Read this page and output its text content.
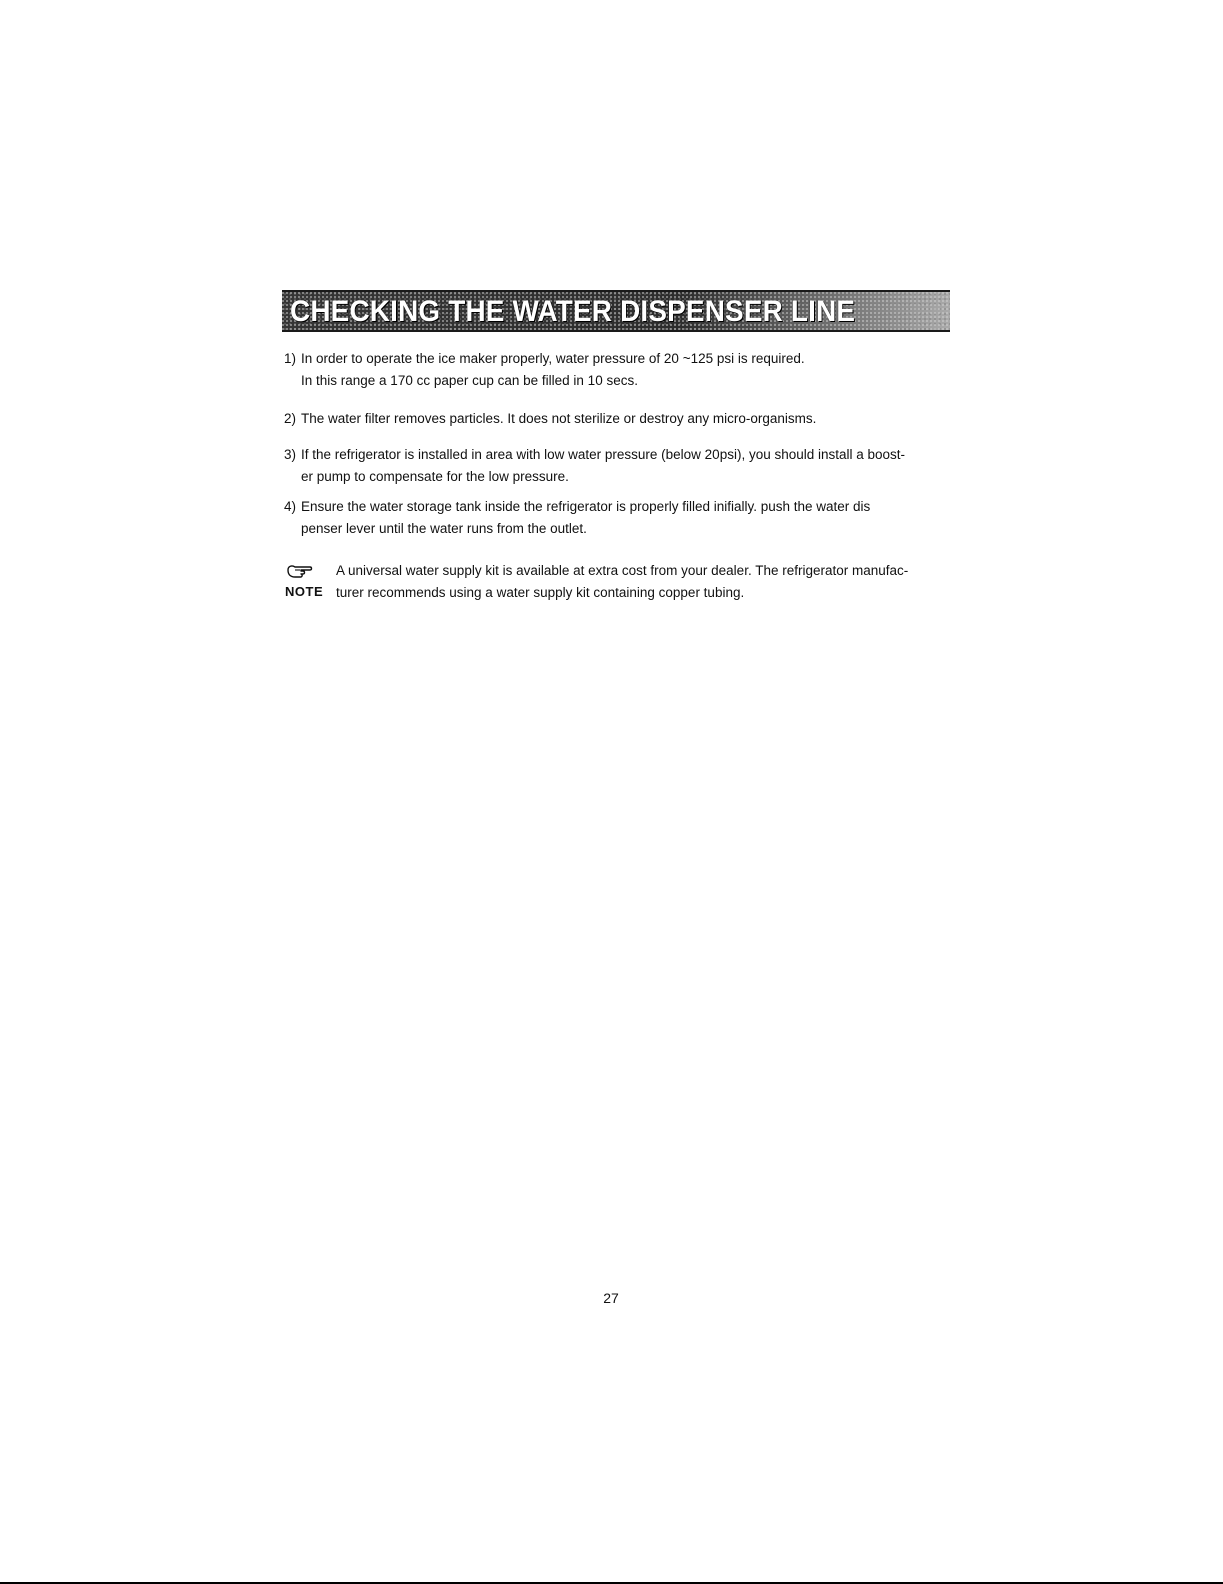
CHECKING THE WATER DISPENSER LINE
1) In order to operate the ice maker properly, water pressure of 20 ~125 psi is required.
In this range a 170 cc paper cup can be filled in 10 secs.
2) The water filter removes particles. It does not sterilize or destroy any micro-organisms.
3) If the refrigerator is installed in area with low water pressure (below 20psi), you should install a boost-
er pump to compensate for the low pressure.
4) Ensure the water storage tank inside the refrigerator is properly filled inifially. push the water dis
penser lever until the water runs from the outlet.
NOTE
A universal water supply kit is available at extra cost from your dealer. The refrigerator manufac-
turer recommends using a water supply kit containing copper tubing.
27
